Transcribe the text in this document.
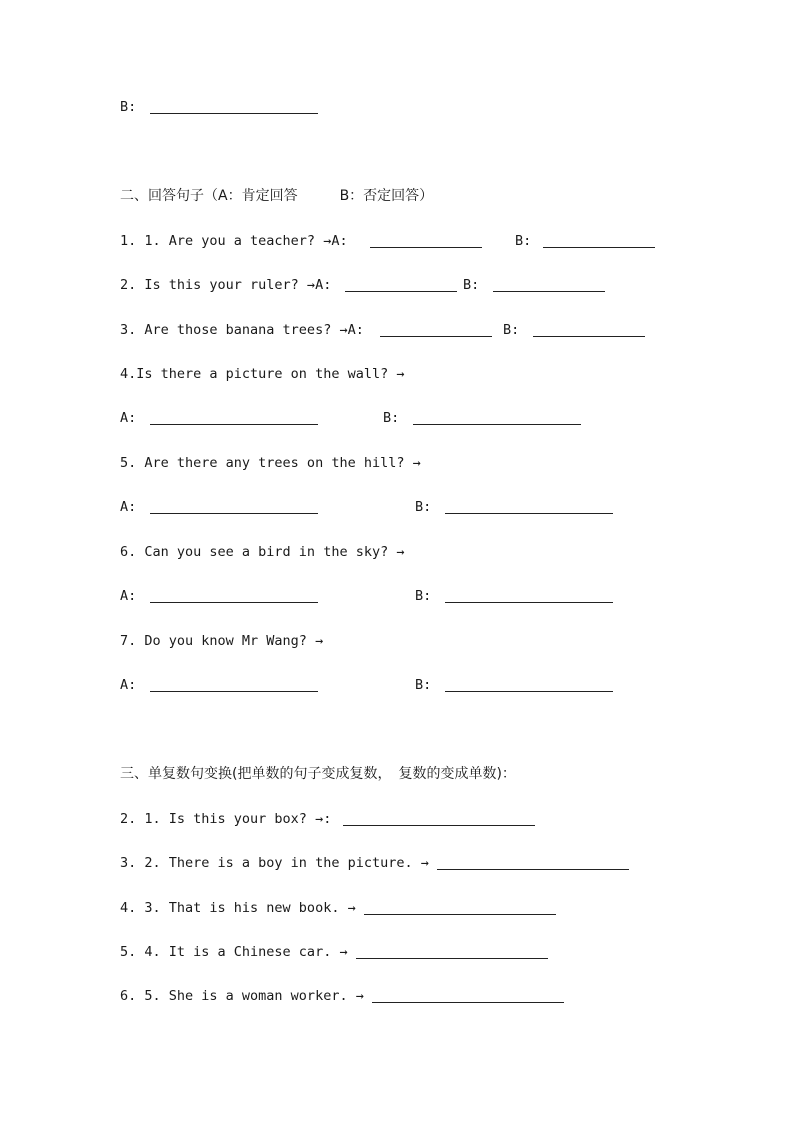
B:
二、回答句子（A：肯定回答　　　B：否定回答）
1. 1. Are you a teacher? →A:	B:
2. Is this your ruler? →A:	B:
3. Are those banana trees? →A:	B:
4.Is there a picture on the wall? →
A:	B:
5. Are there any trees on the hill? →
A:	B:
6. Can you see a bird in the sky? →
A:	B:
7. Do you know Mr Wang? →
A:	B:
三、单复数句变换(把单数的句子变成复数，　复数的变成单数)：
2. 1. Is this your box? →:
3. 2. There is a boy in the picture. →
4. 3. That is his new book. →
5. 4. It is a Chinese car. →
6. 5. She is a woman worker. →
